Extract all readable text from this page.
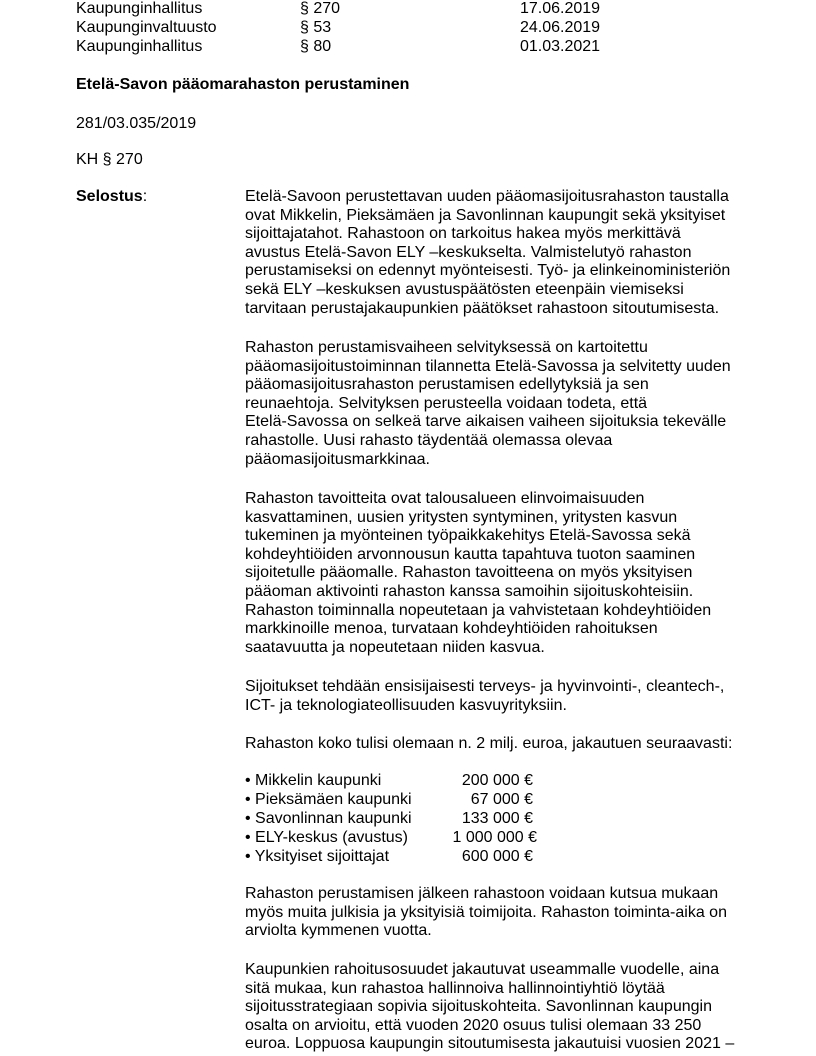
Kaupunginhallitus	§ 270	17.06.2019
Kaupunginvaltuusto	§ 53	24.06.2019
Kaupunginhallitus	§ 80	01.03.2021
Etelä-Savon pääomarahaston perustaminen
281/03.035/2019
KH § 270
Selostus:	Etelä-Savoon perustettavan uuden pääomasijoitusrahaston taustalla
ovat Mikkelin, Pieksämäen ja Savonlinnan kaupungit sekä yksityiset
sijoittajatahot. Rahastoon on tarkoitus hakea myös merkittävä
avustus Etelä-Savon ELY –keskukselta. Valmistelutyö rahaston
perustamiseksi on edennyt myönteisesti. Työ- ja elinkeinoministeriön
sekä ELY –keskuksen avustuspäätösten eteenpäin viemiseksi
tarvitaan perustajakaupunkien päätökset rahastoon sitoutumisesta.

Rahaston perustamisvaiheen selvityksessä on kartoitettu
pääomasijoitustoiminnan tilannetta Etelä-Savossa ja selvitetty uuden
pääomasijoitusrahaston perustamisen edellytyksiä ja sen
reunaehtoja. Selvityksen perusteella voidaan todeta, että
Etelä-Savossa on selkeä tarve aikaisen vaiheen sijoituksia tekevälle
rahastolle. Uusi rahasto täydentää olemassa olevaa
pääomasijoitusmarkkinaa.

Rahaston tavoitteita ovat talousalueen elinvoimaisuuden
kasvattaminen, uusien yritysten syntyminen, yritysten kasvun
tukeminen ja myönteinen työpaikkakehitys Etelä-Savossa sekä
kohdeyhtiöiden arvonnousun kautta tapahtuva tuoton saaminen
sijoitetulle pääomalle. Rahaston tavoitteena on myös yksityisen
pääoman aktivointi rahaston kanssa samoihin sijoituskohteisiin.
Rahaston toiminnalla nopeutetaan ja vahvistetaan kohdeyhtiöiden
markkinoille menoa, turvataan kohdeyhtiöiden rahoituksen
saatavuutta ja nopeutetaan niiden kasvua.

Sijoitukset tehdään ensisijaisesti terveys- ja hyvinvointi-, cleantech-,
ICT- ja teknologiateollisuuden kasvuyrityksiin.

Rahaston koko tulisi olemaan n. 2 milj. euroa, jakautuen seuraavasti:

• Mikkelin kaupunki	200 000 €
• Pieksämäen kaupunki	67 000 €
• Savonlinnan kaupunki	133 000 €
• ELY-keskus (avustus)	1 000 000 €
• Yksityiset sijoittajat	600 000 €

Rahaston perustamisen jälkeen rahastoon voidaan kutsua mukaan
myös muita julkisia ja yksityisiä toimijoita. Rahaston toiminta-aika on
arviolta kymmenen vuotta.

Kaupunkien rahoitusosuudet jakautuvat useammalle vuodelle, aina
sitä mukaa, kun rahastoa hallinnoiva hallinnointiyhtiö löytää
sijoitusstrategiaan sopivia sijoituskohteita. Savonlinnan kaupungin
osalta on arvioitu, että vuoden 2020 osuus tulisi olemaan 33 250
euroa. Loppuosa kaupungin sitoutumisesta jakautuisi vuosien 2021 –
